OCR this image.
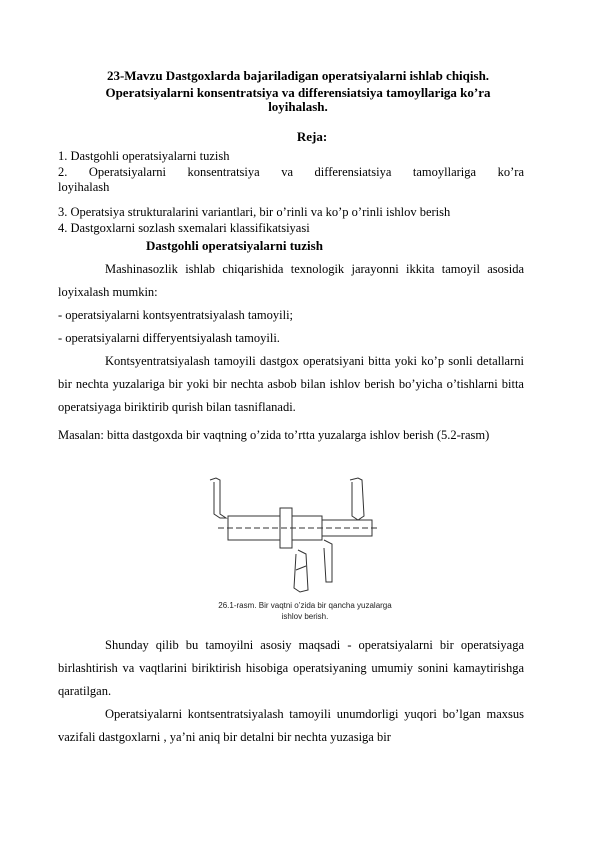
23-Mavzu Dastgoxlarda bajariladigan operatsiyalarni ishlab chiqish.
Operatsiyalarni konsentratsiya va differensiatsiya tamoyllariga ko’ra
loyihalash.
Reja:
1. Dastgohli operatsiyalarni tuzish
2. Operatsiyalarni konsentratsiya va differensiatsiya tamoyllariga ko’ra
loyihalash
3. Operatsiya strukturalarini variantlari, bir o’rinli va ko’p o’rinli ishlov berish
4. Dastgoxlarni sozlash sxemalari klassifikatsiyasi
Dastgohli operatsiyalarni tuzish
Mashinasozlik ishlab chiqarishida texnologik jarayonni ikkita tamoyil asosida loyixalash mumkin:
- operatsiyalarni kontsyentratsiyalash tamoyili;
- operatsiyalarni differyentsiyalash tamoyili.
Kontsyentratsiyalash tamoyili dastgox operatsiyani bitta yoki ko’p sonli detallarni bir nechta yuzalariga bir yoki bir nechta asbob bilan ishlov berish bo’yicha o’tishlarni bitta operatsiyaga biriktirib qurish bilan tasniflanadi.
Masalan: bitta dastgoxda bir vaqtning o’zida to’rtta yuzalarga ishlov berish (5.2-rasm)
26.1-rasm. Bir vaqtni o’zida bir qancha yuzalarga
ishlov berish.
Shunday qilib bu tamoyilni asosiy maqsadi - operatsiyalarni bir operatsiyaga birlashtirish va vaqtlarini biriktirish hisobiga operatsiyaning umumiy sonini kamaytirishga qaratilgan.
Operatsiyalarni kontsentratsiyalash tamoyili unumdorligi yuqori bo’lgan maxsus vazifali dastgoxlarni , ya’ni aniq bir detalni bir nechta yuzasiga bir
